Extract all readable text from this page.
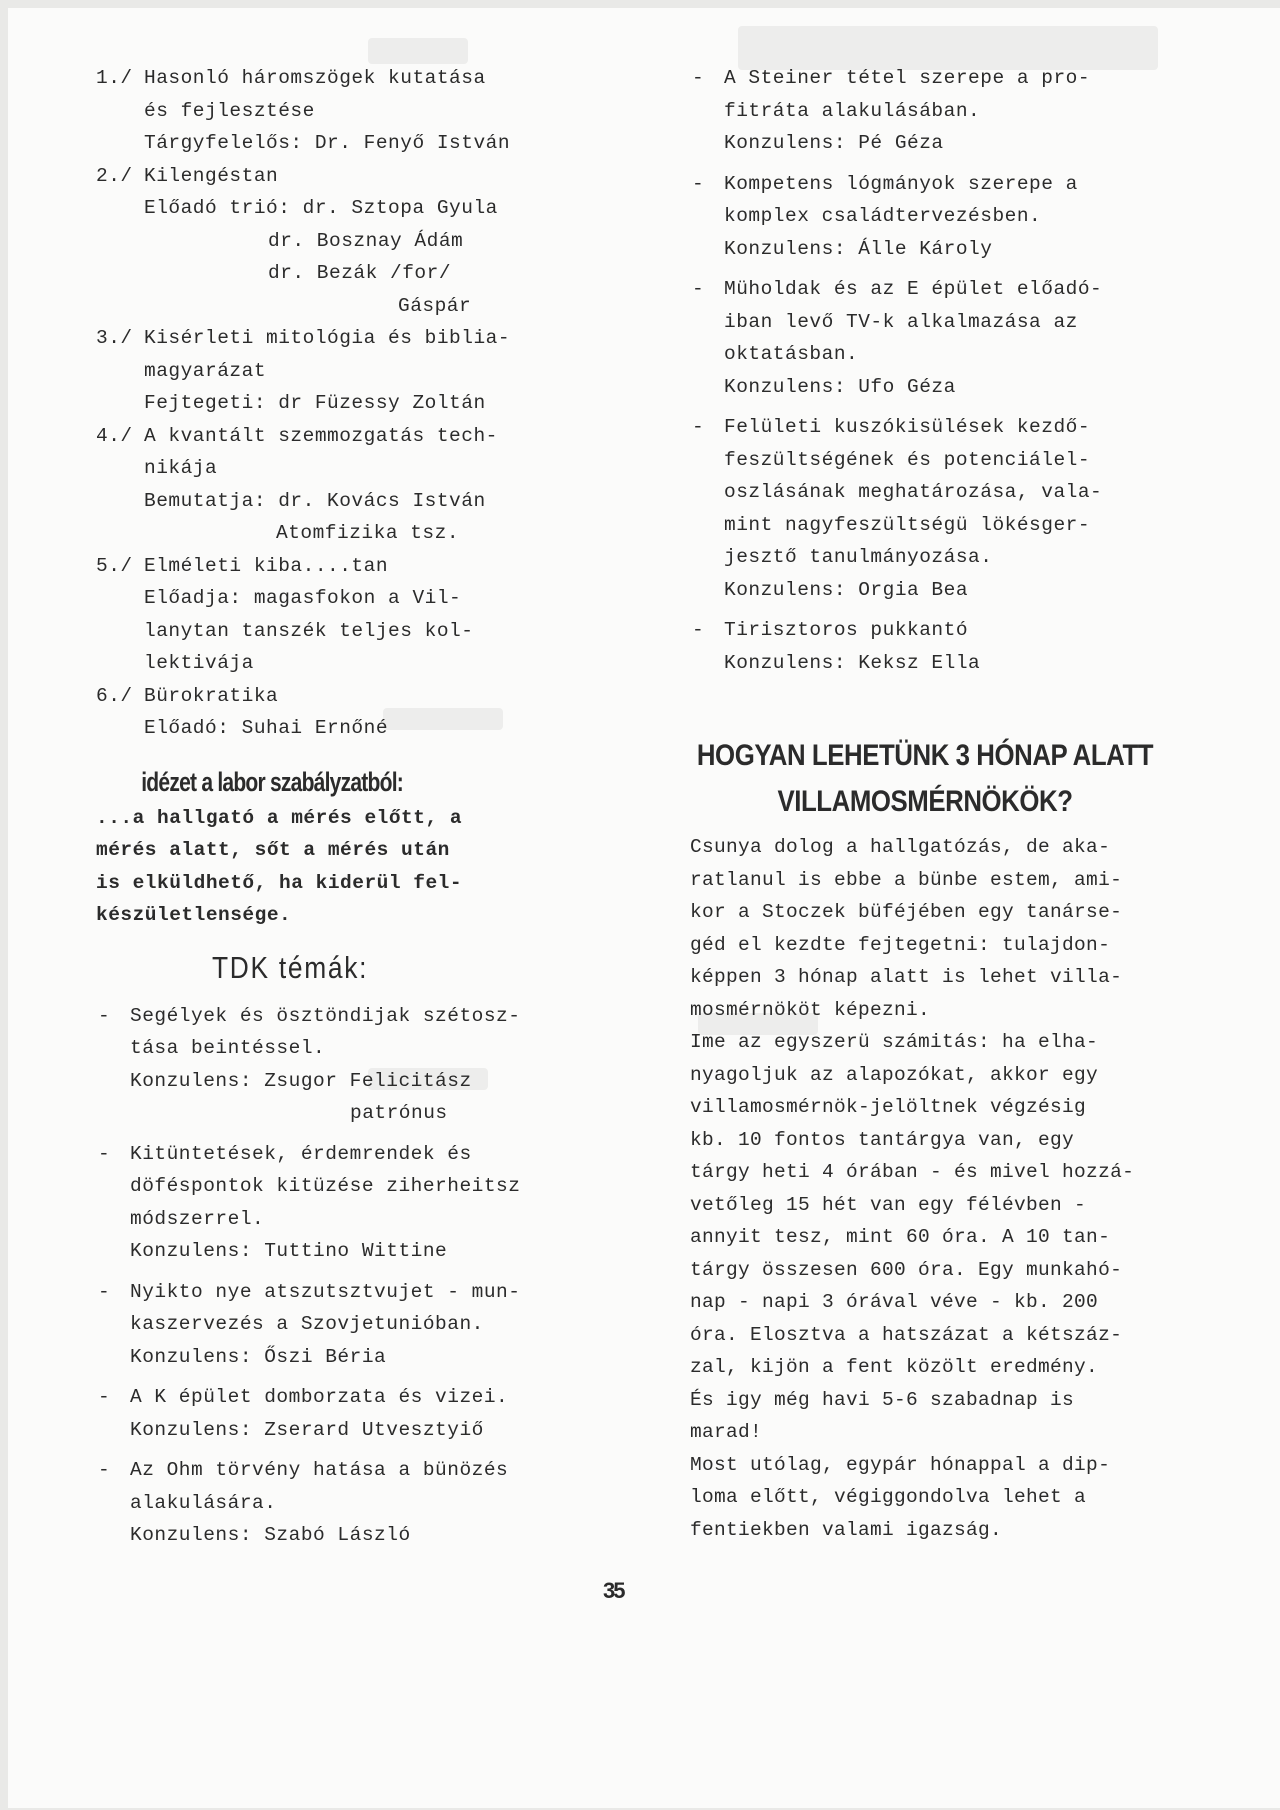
1./ Hasonló háromszögek kutatása
és fejlesztése
Tárgyfelelős: Dr. Fenyő István
2./ Kilengéstan
Előadó trió: dr. Sztopa Gyula
dr. Bosznay Ádám
dr. Bezák /for/
Gáspár
3./ Kisérleti mitológia és biblia-
magyarázat
Fejtegeti: dr Füzessy Zoltán
4./ A kvantált szemmozgatás tech-
nikája
Bemutatja: dr. Kovács István
Atomfizika tsz.
5./ Elméleti kiba....tan
Előadja: magasfokon a Vil-
lanytan tanszék teljes kol-
lektivája
6./ Bürokratika
Előadó: Suhai Ernőné
idézet a labor szabályzatból:
...a hallgató a mérés előtt, a
mérés alatt, sőt a mérés után
is elküldhető, ha kiderül fel-
készületlensége.
TDK témák:
- Segélyek és ösztöndijak szétosz-
tása beintéssel.
Konzulens: Zsugor Felicitász
patrónus
- Kitüntetések, érdemrendek és
döféspontok kitüzése ziherheitsz
módszerrel.
Konzulens: Tuttino Wittine
- Nyikto nye atszutsztvujet - mun-
kaszervezés a Szovjetunióban.
Konzulens: Őszi Béria
- A K épület domborzata és vizei.
Konzulens: Zserard Utvesztyiő
- Az Ohm törvény hatása a bünözés
alakulására.
Konzulens: Szabó László
- A Steiner tétel szerepe a pro-
fitráta alakulásában.
Konzulens: Pé Géza
- Kompetens lógmányok szerepe a
komplex családtervezésben.
Konzulens: Álle Károly
- Müholdak és az E épület előadó-
iban levő TV-k alkalmazása az
oktatásban.
Konzulens: Ufo Géza
- Felületi kuszókisülések kezdő-
feszültségének és potenciálel-
oszlásának meghatározása, vala-
mint nagyfeszültségü lökésger-
jesztő tanulmányozása.
Konzulens: Orgia Bea
- Tirisztoros pukkantó
Konzulens: Keksz Ella
HOGYAN LEHETÜNK 3 HÓNAP ALATT
VILLAMOSMÉRNÖKÖK?
Csunya dolog a hallgatózás, de aka-
ratlanul is ebbe a bünbe estem, ami-
kor a Stoczek büféjében egy tanárse-
géd el kezdte fejtegetni: tulajdon-
képpen 3 hónap alatt is lehet villa-
mosmérnököt képezni.
Ime az egyszerü számitás: ha elha-
nyagoljuk az alapozókat, akkor egy
villamosmérnök-jelöltnek végzésig
kb. 10 fontos tantárgya van, egy
tárgy heti 4 órában - és mivel hozzá-
vetőleg 15 hét van egy félévben -
annyit tesz, mint 60 óra. A 10 tan-
tárgy összesen 600 óra. Egy munkahó-
nap - napi 3 órával véve - kb. 200
óra. Elosztva a hatszázat a kétszáz-
zal, kijön a fent közölt eredmény.
És igy még havi 5-6 szabadnap is
marad!
Most utólag, egypár hónappal a dip-
loma előtt, végiggondolva lehet a
fentiekben valami igazság.
35
